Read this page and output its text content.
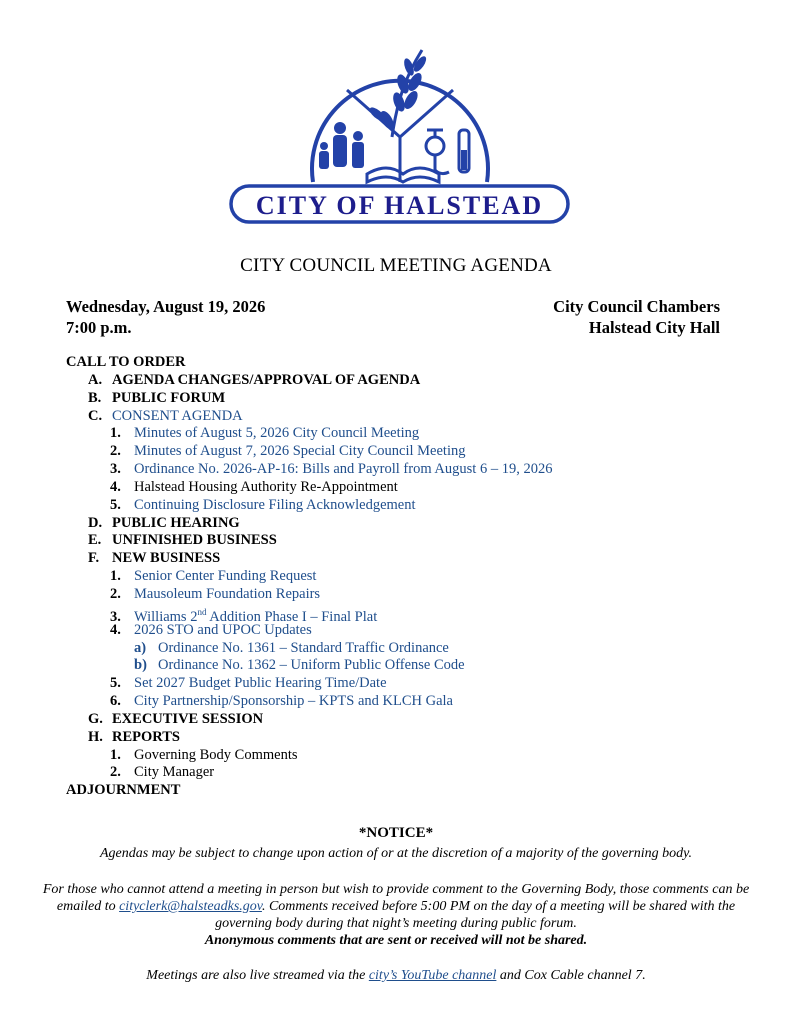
CITY OF HALSTEAD
CITY COUNCIL MEETING AGENDA
Wednesday, August 19, 2026
7:00 p.m.
City Council Chambers
Halstead City Hall
CALL TO ORDER
A. AGENDA CHANGES/APPROVAL OF AGENDA
B. PUBLIC FORUM
C. CONSENT AGENDA
1. Minutes of August 5, 2026 City Council Meeting
2. Minutes of August 7, 2026 Special City Council Meeting
3. Ordinance No. 2026-AP-16: Bills and Payroll from August 6 – 19, 2026
4. Halstead Housing Authority Re-Appointment
5. Continuing Disclosure Filing Acknowledgement
D. PUBLIC HEARING
E. UNFINISHED BUSINESS
F. NEW BUSINESS
1. Senior Center Funding Request
2. Mausoleum Foundation Repairs
3. Williams 2nd Addition Phase I – Final Plat
4. 2026 STO and UPOC Updates
a) Ordinance No. 1361 – Standard Traffic Ordinance
b) Ordinance No. 1362 – Uniform Public Offense Code
5. Set 2027 Budget Public Hearing Time/Date
6. City Partnership/Sponsorship – KPTS and KLCH Gala
G. EXECUTIVE SESSION
H. REPORTS
1. Governing Body Comments
2. City Manager
ADJOURNMENT
*NOTICE*
Agendas may be subject to change upon action of or at the discretion of a majority of the governing body.
For those who cannot attend a meeting in person but wish to provide comment to the Governing Body, those comments can be emailed to cityclerk@halsteadks.gov. Comments received before 5:00 PM on the day of a meeting will be shared with the governing body during that night’s meeting during public forum.
Anonymous comments that are sent or received will not be shared.
Meetings are also live streamed via the city’s YouTube channel and Cox Cable channel 7.
